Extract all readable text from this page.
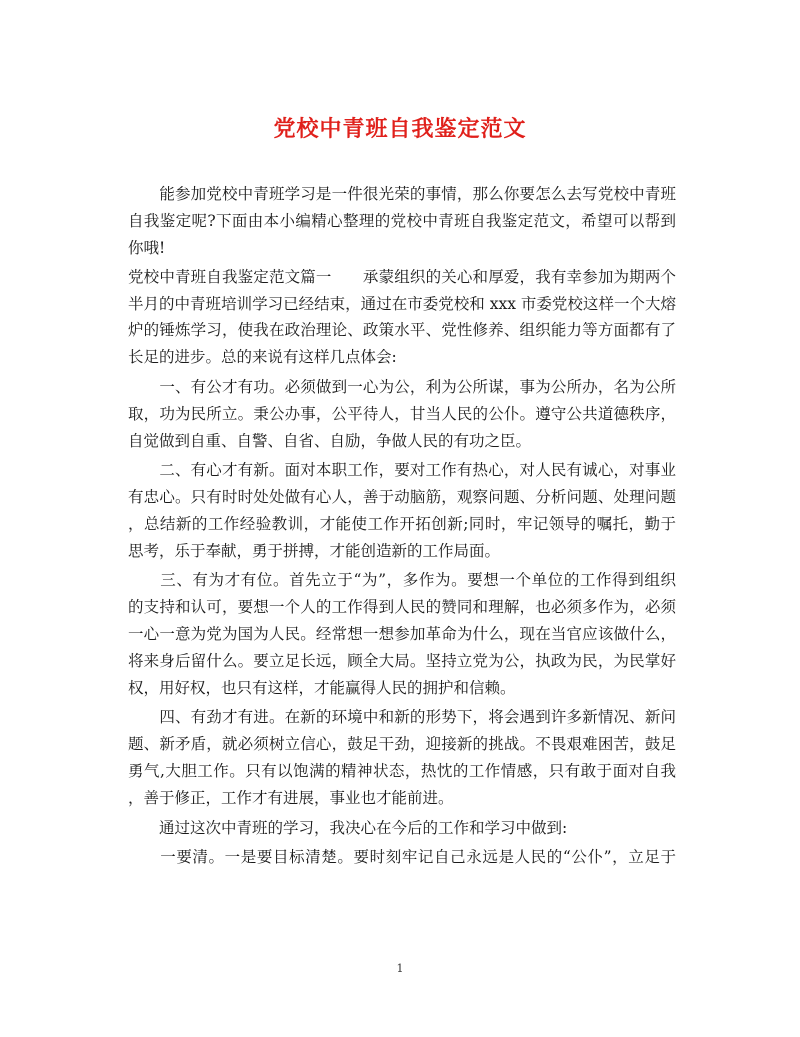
党校中青班自我鉴定范文
　　能参加党校中青班学习是一件很光荣的事情，那么你要怎么去写党校中青班
自我鉴定呢?下面由本小编精心整理的党校中青班自我鉴定范文，希望可以帮到
你哦!
党校中青班自我鉴定范文篇一　　承蒙组织的关心和厚爱，我有幸参加为期两个
半月的中青班培训学习已经结束，通过在市委党校和 xxx 市委党校这样一个大熔
炉的锤炼学习，使我在政治理论、政策水平、党性修养、组织能力等方面都有了
长足的进步。总的来说有这样几点体会:
　　一、有公才有功。必须做到一心为公，利为公所谋，事为公所办，名为公所
取，功为民所立。秉公办事，公平待人，甘当人民的公仆。遵守公共道德秩序，
自觉做到自重、自警、自省、自励，争做人民的有功之臣。
　　二、有心才有新。面对本职工作，要对工作有热心，对人民有诚心，对事业
有忠心。只有时时处处做有心人，善于动脑筋，观察问题、分析问题、处理问题
，总结新的工作经验教训，才能使工作开拓创新;同时，牢记领导的嘱托，勤于
思考，乐于奉献，勇于拼搏，才能创造新的工作局面。
　　三、有为才有位。首先立于“为”，多作为。要想一个单位的工作得到组织
的支持和认可，要想一个人的工作得到人民的赞同和理解，也必须多作为，必须
一心一意为党为国为人民。经常想一想参加革命为什么，现在当官应该做什么，
将来身后留什么。要立足长远，顾全大局。坚持立党为公，执政为民，为民掌好
权，用好权，也只有这样，才能赢得人民的拥护和信赖。
　　四、有劲才有进。在新的环境中和新的形势下，将会遇到许多新情况、新问
题、新矛盾，就必须树立信心，鼓足干劲，迎接新的挑战。不畏艰难困苦，鼓足
勇气,大胆工作。只有以饱满的精神状态，热忱的工作情感，只有敢于面对自我
，善于修正，工作才有进展，事业也才能前进。
　　通过这次中青班的学习，我决心在今后的工作和学习中做到:
　　一要清。一是要目标清楚。要时刻牢记自己永远是人民的“公仆”，立足于
1
